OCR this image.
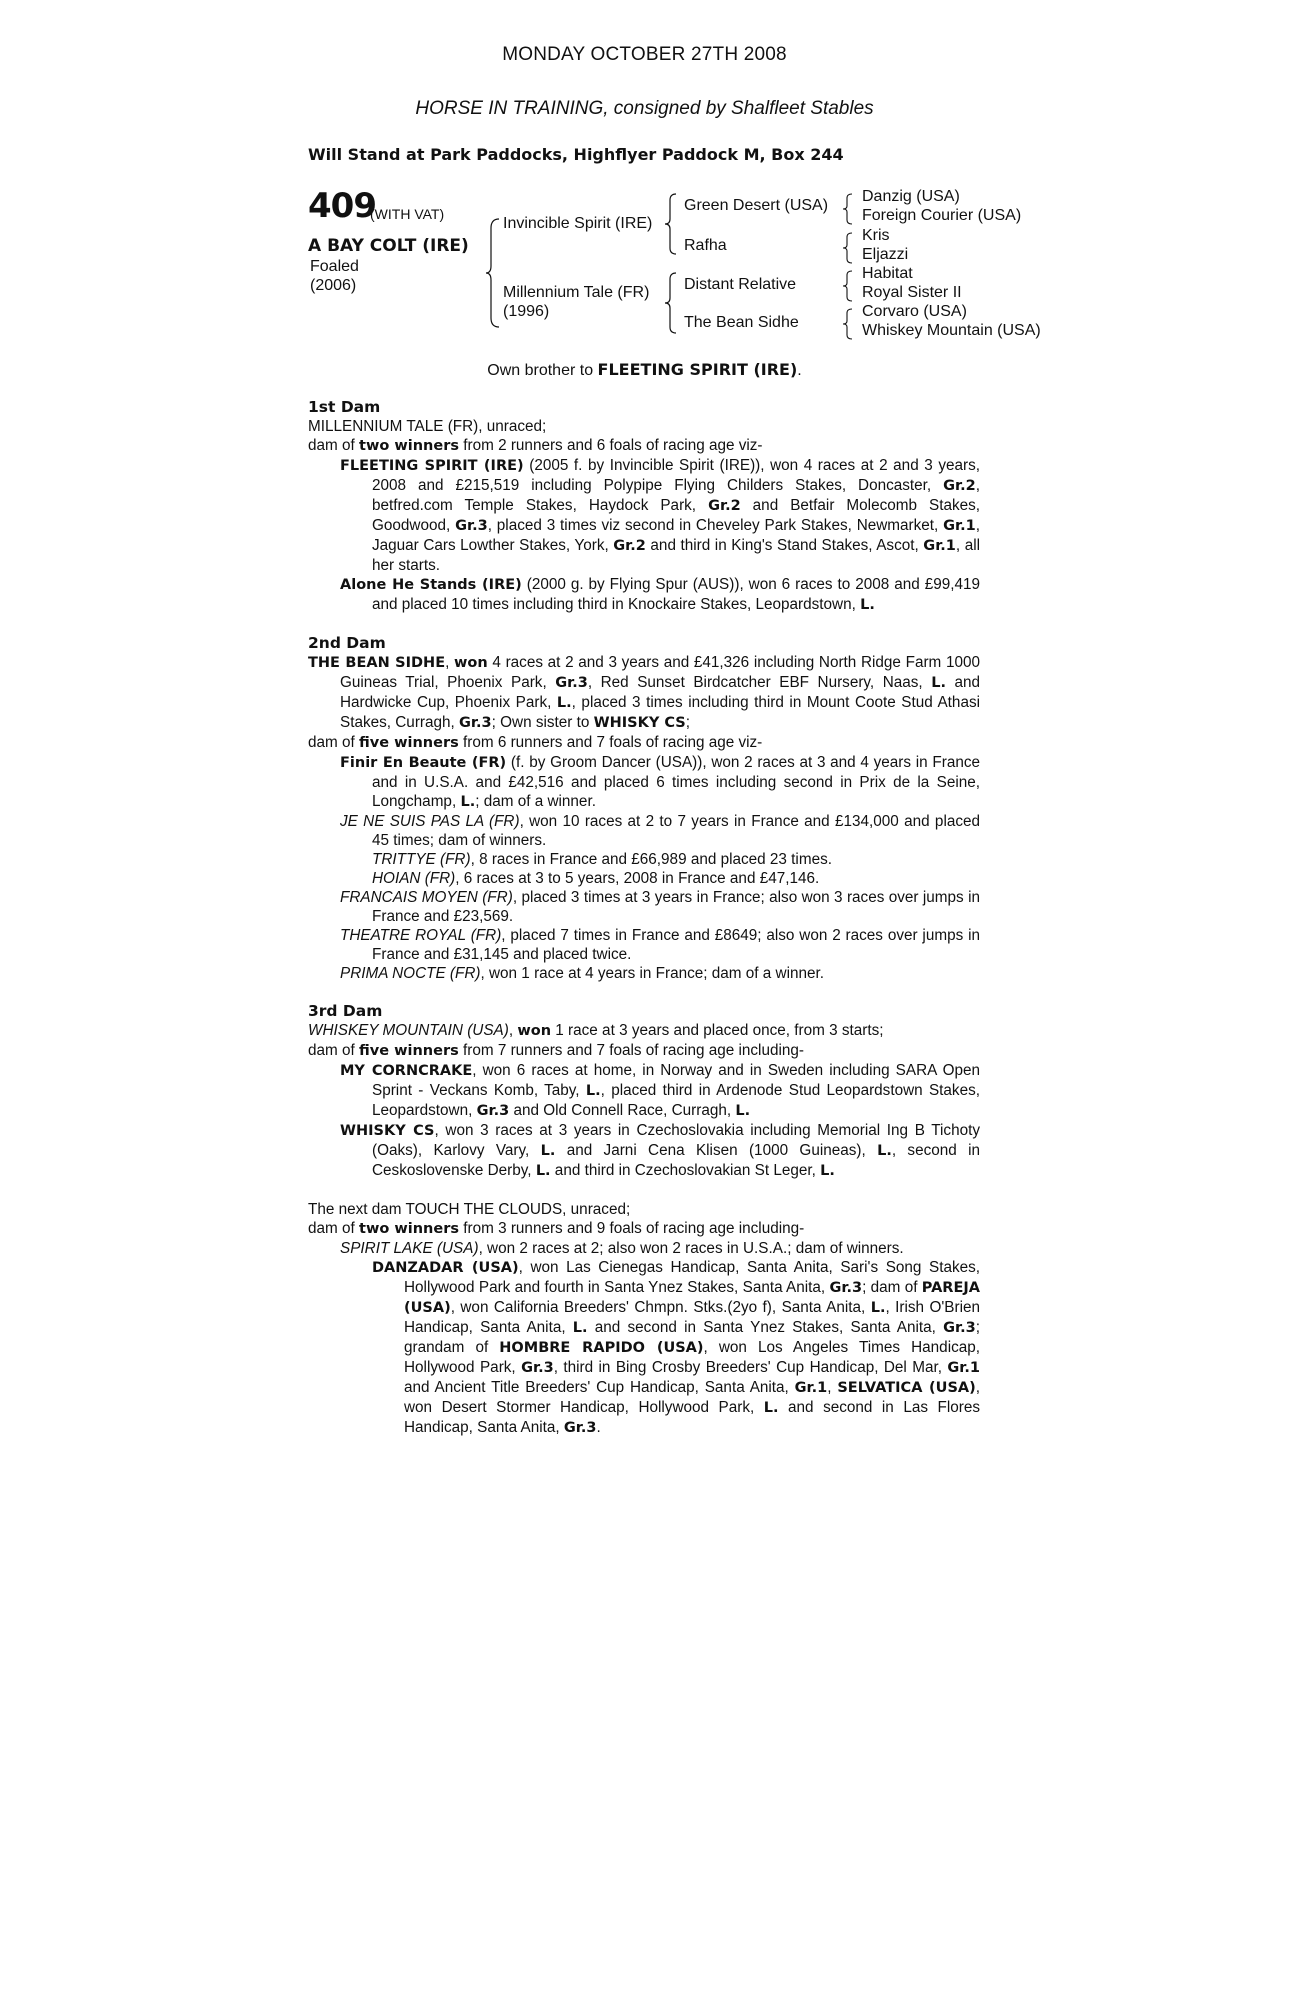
MONDAY OCTOBER 27TH 2008
HORSE IN TRAINING, consigned by Shalfleet Stables
Will Stand at Park Paddocks, Highflyer Paddock M, Box 244
409
(WITH VAT)
A BAY COLT (IRE)
Foaled
(2006)
Invincible Spirit (IRE)
Millennium Tale (FR)
(1996)
Green Desert (USA)
Rafha
Distant Relative
The Bean Sidhe
Danzig (USA)
Foreign Courier (USA)
Kris
Eljazzi
Habitat
Royal Sister II
Corvaro (USA)
Whiskey Mountain (USA)
Own brother to FLEETING SPIRIT (IRE).
1st Dam

MILLENNIUM TALE (FR), unraced;

dam of two winners from 2 runners and 6 foals of racing age viz-

FLEETING SPIRIT (IRE) (2005 f. by Invincible Spirit (IRE)), won 4 races at 2 and 3 years, 2008 and £215,519 including Polypipe Flying Childers Stakes, Doncaster, Gr.2, betfred.com Temple Stakes, Haydock Park, Gr.2 and Betfair Molecomb Stakes, Goodwood, Gr.3, placed 3 times viz second in Cheveley Park Stakes, Newmarket, Gr.1, Jaguar Cars Lowther Stakes, York, Gr.2 and third in King's Stand Stakes, Ascot, Gr.1, all her starts.

Alone He Stands (IRE) (2000 g. by Flying Spur (AUS)), won 6 races to 2008 and £99,419 and placed 10 times including third in Knockaire Stakes, Leopardstown, L.

2nd Dam

THE BEAN SIDHE, won 4 races at 2 and 3 years and £41,326 including North Ridge Farm 1000 Guineas Trial, Phoenix Park, Gr.3, Red Sunset Birdcatcher EBF Nursery, Naas, L. and Hardwicke Cup, Phoenix Park, L., placed 3 times including third in Mount Coote Stud Athasi Stakes, Curragh, Gr.3; Own sister to WHISKY CS;

dam of five winners from 6 runners and 7 foals of racing age viz-

Finir En Beaute (FR) (f. by Groom Dancer (USA)), won 2 races at 3 and 4 years in France and in U.S.A. and £42,516 and placed 6 times including second in Prix de la Seine, Longchamp, L.; dam of a winner.

JE NE SUIS PAS LA (FR), won 10 races at 2 to 7 years in France and £134,000 and placed 45 times; dam of winners.

TRITTYE (FR), 8 races in France and £66,989 and placed 23 times.

HOIAN (FR), 6 races at 3 to 5 years, 2008 in France and £47,146.

FRANCAIS MOYEN (FR), placed 3 times at 3 years in France; also won 3 races over jumps in France and £23,569.

THEATRE ROYAL (FR), placed 7 times in France and £8649; also won 2 races over jumps in France and £31,145 and placed twice.

PRIMA NOCTE (FR), won 1 race at 4 years in France; dam of a winner.

3rd Dam

WHISKEY MOUNTAIN (USA), won 1 race at 3 years and placed once, from 3 starts;

dam of five winners from 7 runners and 7 foals of racing age including-

MY CORNCRAKE, won 6 races at home, in Norway and in Sweden including SARA Open Sprint - Veckans Komb, Taby, L., placed third in Ardenode Stud Leopardstown Stakes, Leopardstown, Gr.3 and Old Connell Race, Curragh, L.

WHISKY CS, won 3 races at 3 years in Czechoslovakia including Memorial Ing B Tichoty (Oaks), Karlovy Vary, L. and Jarni Cena Klisen (1000 Guineas), L., second in Ceskoslovenske Derby, L. and third in Czechoslovakian St Leger, L.

The next dam TOUCH THE CLOUDS, unraced;

dam of two winners from 3 runners and 9 foals of racing age including-

SPIRIT LAKE (USA), won 2 races at 2; also won 2 races in U.S.A.; dam of winners.

DANZADAR (USA), won Las Cienegas Handicap, Santa Anita, Sari's Song Stakes, Hollywood Park and fourth in Santa Ynez Stakes, Santa Anita, Gr.3; dam of PAREJA (USA), won California Breeders' Chmpn. Stks.(2yo f), Santa Anita, L., Irish O'Brien Handicap, Santa Anita, L. and second in Santa Ynez Stakes, Santa Anita, Gr.3; grandam of HOMBRE RAPIDO (USA), won Los Angeles Times Handicap, Hollywood Park, Gr.3, third in Bing Crosby Breeders' Cup Handicap, Del Mar, Gr.1 and Ancient Title Breeders' Cup Handicap, Santa Anita, Gr.1, SELVATICA (USA), won Desert Stormer Handicap, Hollywood Park, L. and second in Las Flores Handicap, Santa Anita, Gr.3.
